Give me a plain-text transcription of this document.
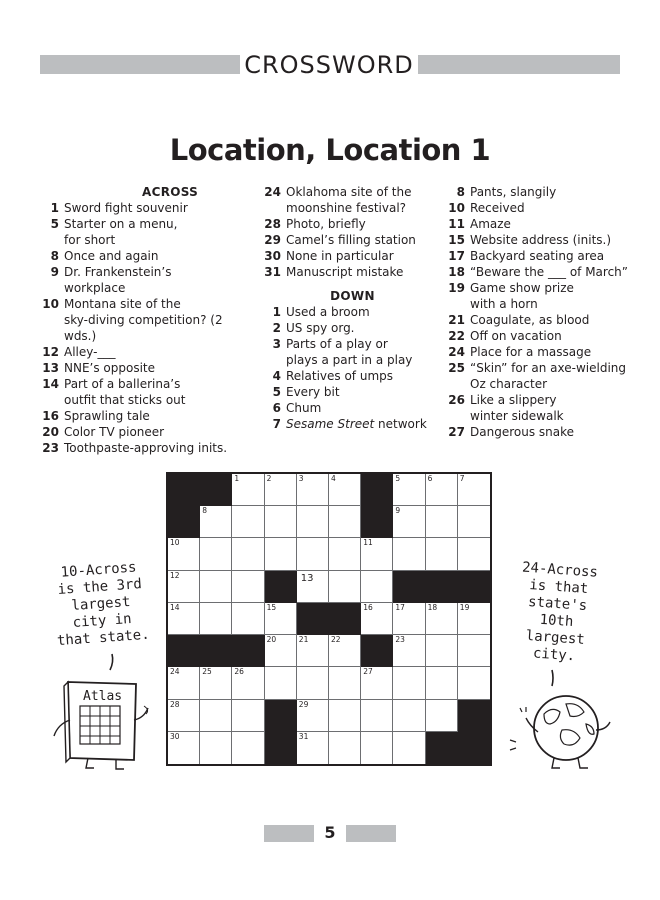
CROSSWORD
Location, Location 1
ACROSS
1 Sword fight souvenir
5 Starter on a menu,
for short
8 Once and again
9 Dr. Frankenstein’s
workplace
10 Montana site of the
sky-diving competition? (2 wds.)
12 Alley-___
13 NNE’s opposite
14 Part of a ballerina’s
outfit that sticks out
16 Sprawling tale
20 Color TV pioneer
23 Toothpaste-approving inits.
24 Oklahoma site of the
moonshine festival?
28 Photo, briefly
29 Camel’s filling station
30 None in particular
31 Manuscript mistake
DOWN
1 Used a broom
2 US spy org.
3 Parts of a play or
plays a part in a play
4 Relatives of umps
5 Every bit
6 Chum
7 Sesame Street network
8 Pants, slangily
10 Received
11 Amaze
15 Website address (inits.)
17 Backyard seating area
18 “Beware the ___ of March”
19 Game show prize
with a horn
21 Coagulate, as blood
22 Off on vacation
24 Place for a massage
25 “Skin” for an axe-wielding
Oz character
26 Like a slippery
winter sidewalk
27 Dangerous snake
10-Across
is the 3rd
largest
city in
that state.
24-Across
is that
state's
10th
largest
city.
Atlas
1	2	3	4	5	6	7
8	9
10	11
12	13
14	15	16	17	18	19
20	21	22	23
24	25	26	27
28	29
30	31
5
